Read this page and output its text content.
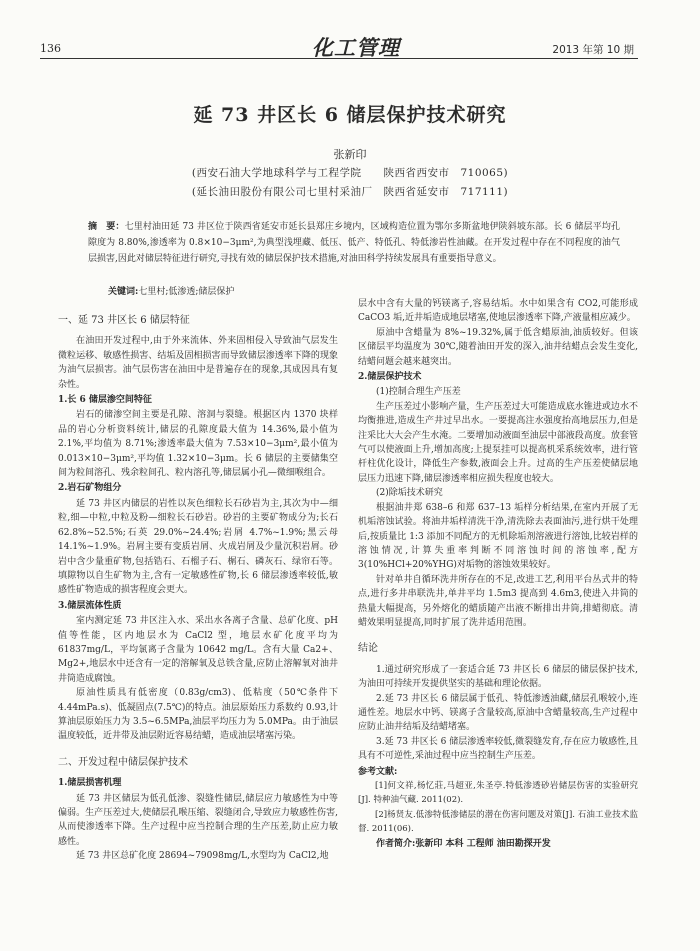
136	化工管理	2013 年第 10 期
延 73 井区长 6 储层保护技术研究
张新印
(西安石油大学地球科学与工程学院　　陕西省西安市　710065)
(延长油田股份有限公司七里村采油厂　陕西省延安市　717111)
摘　要：七里村油田延 73 井区位于陕西省延安市延长县郑庄乡境内，区域构造位置为鄂尔多斯盆地伊陕斜坡东部。长 6 储层平均孔隙度为 8.80%,渗透率为 0.8×10−3μm²,为典型浅埋藏、低压、低产、特低孔、特低渗岩性油藏。在开发过程中存在不同程度的油气层损害,因此对储层特征进行研究,寻找有效的储层保护技术措施,对油田科学持续发展具有重要指导意义。
关键词:七里村;低渗透;储层保护
一、延 73 井区长 6 储层特征

在油田开发过程中,由于外来流体、外来固相侵入导致油气层发生微粒运移、敏感性损害、结垢及固相损害而导致储层渗透率下降的现象为油气层损害。油气层伤害在油田中是普遍存在的现象,其成因具有复杂性。

1.长 6 储层渗空间特征

岩石的储渗空间主要是孔隙、溶洞与裂缝。根据区内 1370 块样品的岩心分析资料统计,储层的孔隙度最大值为 14.36%,最小值为 2.1%,平均值为 8.71%;渗透率最大值为 7.53×10−3μm²,最小值为 0.013×10−3μm²,平均值 1.32×10−3μm。长 6 储层的主要储集空间为粒间溶孔、残余粒间孔、粒内溶孔等,储层属小孔—微细喉组合。

2.岩石矿物组分

延 73 井区内储层的岩性以灰色细粒长石砂岩为主,其次为中—细粒,细—中粒,中粒及粉—细粒长石砂岩。砂岩的主要矿物成分为;长石 62.8%~52.5%;石英 29.0%~24.4%;岩屑 4.7%~1.9%;黑云母 14.1%~1.9%。岩屑主要有变质岩屑、火成岩屑及少量沉积岩屑。砂岩中含少量重矿物,包括锆石、石榴子石、榍石、磷灰石、绿帘石等。填隙物以自生矿物为主,含有一定敏感性矿物,长 6 储层渗透率较低,敏感性矿物造成的损害程度会更大。

3.储层流体性质

室内测定延 73 井区注入水、采出水各离子含量、总矿化度、pH 值等性能，区内地层水为 CaCl2 型，地层水矿化度平均为 61837mg/L，平均氯离子含量为 10642 mg/L。含有大量 Ca2+、Mg2+,地层水中还含有一定的溶解氧及总铁含量,应防止溶解氧对油井井筒造成腐蚀。

原油性质具有低密度（0.83g/cm3)、低粘度（50℃条件下 4.44mPa.s)、低凝固点(7.5℃)的特点。油层原始压力系数约 0.93,计算油层原始压力为 3.5~6.5MPa,油层平均压力为 5.0MPa。由于油层温度较低，近井带及油层附近容易结蜡，造成油层堵塞污染。

二、开发过程中储层保护技术
1.储层损害机理

延 73 井区储层为低孔低渗、裂缝性储层,储层应力敏感性为中等偏弱。生产压差过大,使储层孔喉压缩、裂缝闭合,导致应力敏感性伤害,从而使渗透率下降。生产过程中应当控制合理的生产压差,防止应力敏感性。

延 73 井区总矿化度 28694~79098mg/L,水型均为 CaCl2,地

层水中含有大量的钙镁离子,容易结垢。水中如果含有 CO2,可能形成 CaCO3 垢,近井垢造成地层堵塞,使地层渗透率下降,产液量相应减少。

原油中含蜡量为 8%~19.32%,属于低含蜡原油,油质较好。但该区储层平均温度为 30℃,随着油田开发的深入,油井结蜡点会发生变化,结蜡问题会越来越突出。

2.储层保护技术

(1)控制合理生产压差

生产压差过小影响产量，生产压差过大可能造成底水锥进或边水不均衡推进,造成生产井过早出水。一要提高注水强度抬高地层压力,但是注采比大大会产生水淹。二要增加动液面至油层中部液段高度。放套管气可以使液面上升,增加高度;上提泵挂可以提高机采系统效率，进行管杆柱优化设计，降低生产参数,液面会上升。过高的生产压差使储层地层压力迅速下降,储层渗透率相应损失程度也较大。

(2)除垢技术研究

根据油井郑 638–6 和郑 637–13 垢样分析结果,在室内开展了无机垢溶蚀试验。将油井垢样清洗干净,清洗除去表面油污,进行烘干处理后,按质量比 1:3 添加不同配方的无机除垢剂溶液进行溶蚀,比较岩样的溶蚀情况,计算失重率判断不同溶蚀时间的溶蚀率,配方 3(10%HCl+20%YHG)对垢物的溶蚀效果较好。

针对单井自循环洗井所存在的不足,改进工艺,利用平台丛式井的特点,进行多井串联洗井,单井平均 1.5m3 提高到 4.6m3,使进入井筒的热量大幅提高，另外熔化的蜡质随产出液不断排出井筒,排蜡彻底。清蜡效果明显提高,同时扩展了洗井适用范围。

结论

1.通过研究形成了一套适合延 73 井区长 6 储层的储层保护技术,为油田可持续开发提供坚实的基础和理论依据。

2.延 73 井区长 6 储层属于低孔、特低渗透油藏,储层孔喉较小,连通性差。地层水中钙、镁离子含量较高,原油中含蜡量较高,生产过程中应防止油井结垢及结蜡堵塞。

3.延 73 井区长 6 储层渗透率较低,微裂缝发育,存在应力敏感性,且具有不可逆性,采油过程中应当控制生产压差。

参考文献:

[1]何文祥,杨忆莊,马超亚,朱圣亭.特低渗透砂岩储层伤害的实验研究[J]. 特种油气藏. 2011(02).

[2]杨贤友.低渗特低渗储层的潜在伤害问题及对策[J]. 石油工业技术监督. 2011(06).

作者简介:张新印 本科 工程师 油田勘探开发
